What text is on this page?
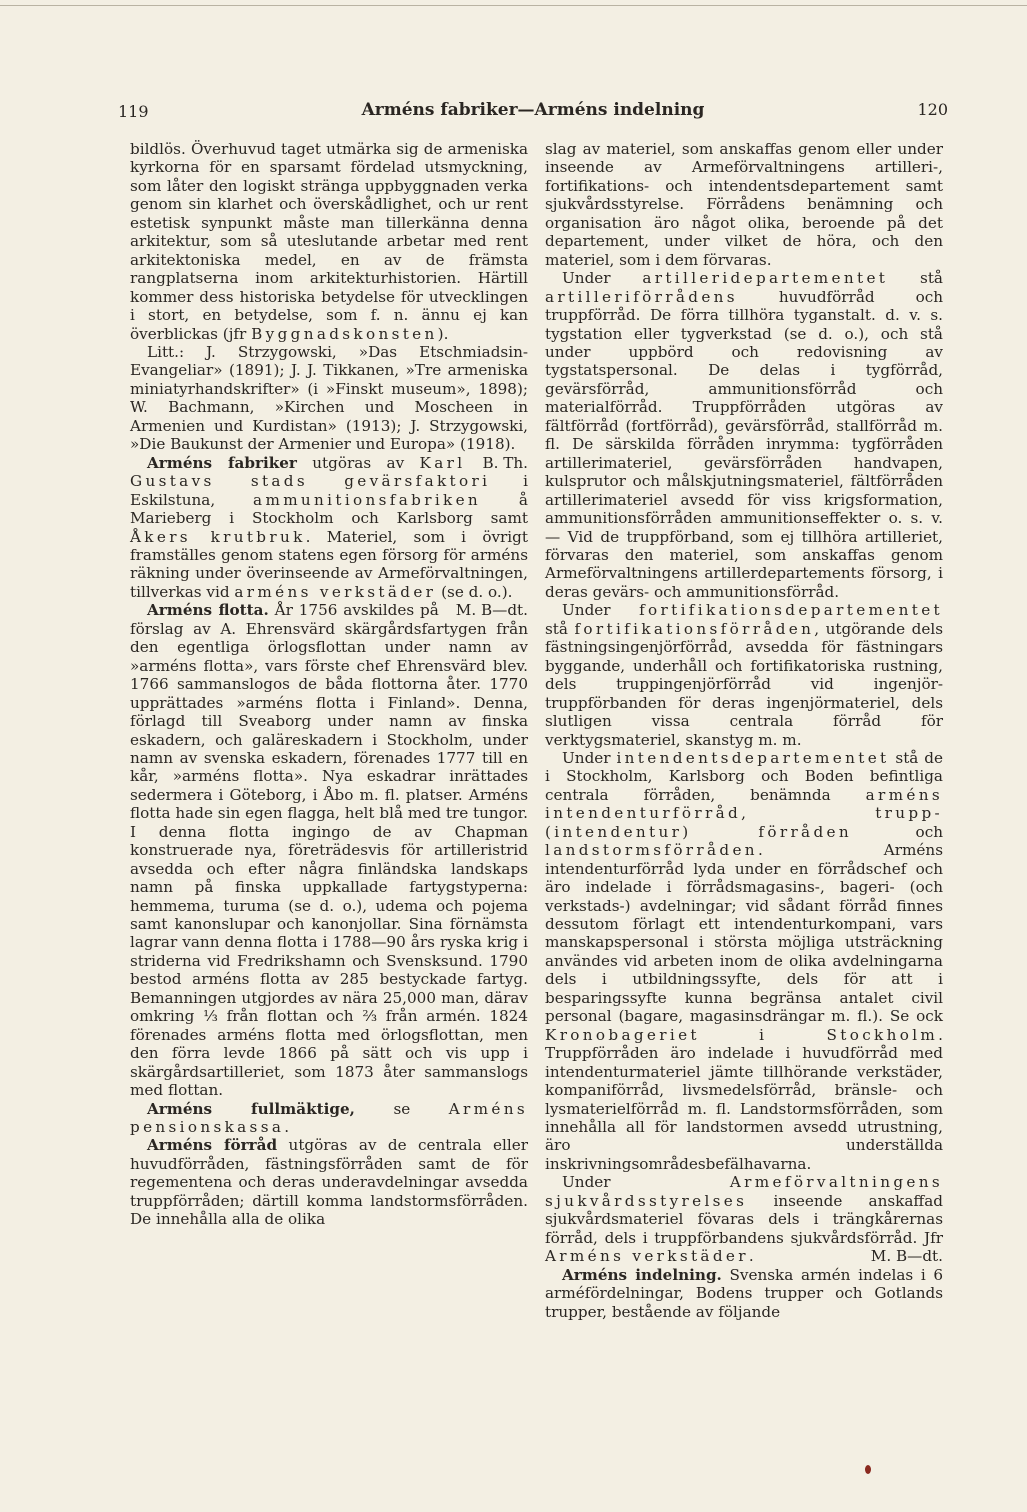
119	Arméns fabriker—Arméns indelning	120

bildlös. Överhuvud taget utmärka sig de armeniska kyrkorna för en sparsamt fördelad utsmyckning, som låter den logiskt stränga uppbyggnaden verka genom sin klarhet och överskådlighet, och ur rent estetisk synpunkt måste man tillerkänna denna arkitektur, som så uteslutande arbetar med rent arkitektoniska medel, en av de främsta rangplatserna inom arkitekturhistorien. Härtill kommer dess historiska betydelse för utvecklingen i stort, en betydelse, som f. n. ännu ej kan överblickas (jfr Byggnadskonsten).

Litt.: J. Strzygowski, »Das Etschmiadsin-Evangeliar» (1891); J. J. Tikkanen, »Tre armeniska miniatyrhandskrifter» (i »Finskt museum», 1898); W. Bachmann, »Kirchen und Moscheen in Armenien und Kurdistan» (1913); J. Strzygowski, »Die Baukunst der Armenier und Europa» (1918).
B. Th.

Arméns fabriker utgöras av Karl Gustavs stads gevärsfaktori i Eskilstuna, ammunitionsfabriken å Marieberg i Stockholm och Karlsborg samt Åkers krutbruk. Materiel, som i övrigt framställes genom statens egen försorg för arméns räkning under överinseende av Armeförvaltningen, tillverkas vid arméns verkstäder (se d. o.).
M. B—dt.

Arméns flotta. År 1756 avskildes på förslag av A. Ehrensvärd skärgårdsfartygen från den egentliga örlogsflottan under namn av »arméns flotta», vars förste chef Ehrensvärd blev. 1766 sammanslogos de båda flottorna åter. 1770 upprättades »arméns flotta i Finland». Denna, förlagd till Sveaborg under namn av finska eskadern, och galäreskadern i Stockholm, under namn av svenska eskadern, förenades 1777 till en kår, »arméns flotta». Nya eskadrar inrättades sedermera i Göteborg, i Åbo m. fl. platser. Arméns flotta hade sin egen flagga, helt blå med tre tungor. I denna flotta ingingo de av Chapman konstruerade nya, företrädesvis för artilleristrid avsedda och efter några finländska landskaps namn på finska uppkallade fartygstyperna: hemmema, turuma (se d. o.), udema och pojema samt kanonslupar och kanonjollar. Sina förnämsta lagrar vann denna flotta i 1788—90 års ryska krig i striderna vid Fredrikshamn och Svensksund. 1790 bestod arméns flotta av 285 bestyckade fartyg. Bemanningen utgjordes av nära 25,000 man, därav omkring ⅓ från flottan och ⅔ från armén. 1824 förenades arméns flotta med örlogsflottan, men den förra levde 1866 på sätt och vis upp i skärgårdsartilleriet, som 1873 åter sammanslogs med flottan.

Arméns fullmäktige, se Arméns pensionskassa.

Arméns förråd utgöras av de centrala eller huvudförråden, fästningsförråden samt de för regementena och deras underavdelningar avsedda truppförråden; därtill komma landstormsförråden. De innehålla alla de olika

slag av materiel, som anskaffas genom eller under inseende av Armeförvaltningens artilleri-, fortifikations- och intendentsdepartement samt sjukvårdsstyrelse. Förrådens benämning och organisation äro något olika, beroende på det departement, under vilket de höra, och den materiel, som i dem förvaras.

Under artilleridepartementet stå artilleriförrådens huvudförråd och truppförråd. De förra tillhöra tyganstalt. d. v. s. tygstation eller tygverkstad (se d. o.), och stå under uppbörd och redovisning av tygstatspersonal. De delas i tygförråd, gevärsförråd, ammunitionsförråd och materialförråd. Truppförråden utgöras av fältförråd (fortförråd), gevärsförråd, stallförråd m. fl. De särskilda förråden inrymma: tygförråden artillerimateriel, gevärsförråden handvapen, kulsprutor och målskjutningsmateriel, fältförråden artillerimateriel avsedd för viss krigsformation, ammunitionsförråden ammunitionseffekter o. s. v. — Vid de truppförband, som ej tillhöra artilleriet, förvaras den materiel, som anskaffas genom Armeförvaltningens artillerdepartements försorg, i deras gevärs- och ammunitionsförråd.

Under fortifikationsdepartementet stå fortifikationsförråden, utgörande dels fästningsingenjörförråd, avsedda för fästningars byggande, underhåll och fortifikatoriska rustning, dels truppingenjörförråd vid ingenjör-truppförbanden för deras ingenjörmateriel, dels slutligen vissa centrala förråd för verktygsmateriel, skanstyg m. m.

Under intendentsdepartementet stå de i Stockholm, Karlsborg och Boden befintliga centrala förråden, benämnda arméns intendenturförråd, trupp-(intendentur) förråden och landstormsförråden. Arméns intendenturförråd lyda under en förrådschef och äro indelade i förrådsmagasins-, bageri- (och verkstads-) avdelningar; vid sådant förråd finnes dessutom förlagt ett intendenturkompani, vars manskapspersonal i största möjliga utsträckning användes vid arbeten inom de olika avdelningarna dels i utbildningssyfte, dels för att i besparingssyfte kunna begränsa antalet civil personal (bagare, magasinsdrängar m. fl.). Se ock Kronobageriet i Stockholm. Truppförråden äro indelade i huvudförråd med intendenturmateriel jämte tillhörande verkstäder, kompaniförråd, livsmedelsförråd, bränsle- och lysmaterielförråd m. fl. Landstormsförråden, som innehålla all för landstormen avsedd utrustning, äro underställda inskrivningsområdesbefälhavarna.

Under Armeförvaltningens sjukvårdsstyrelses inseende anskaffad sjukvårdsmateriel fövaras dels i trängkårernas förråd, dels i truppförbandens sjukvårdsförråd. Jfr Arméns verkstäder.	M. B—dt.

Arméns indelning. Svenska armén indelas i 6 arméfördelningar, Bodens trupper och Gotlands trupper, bestående av följande
